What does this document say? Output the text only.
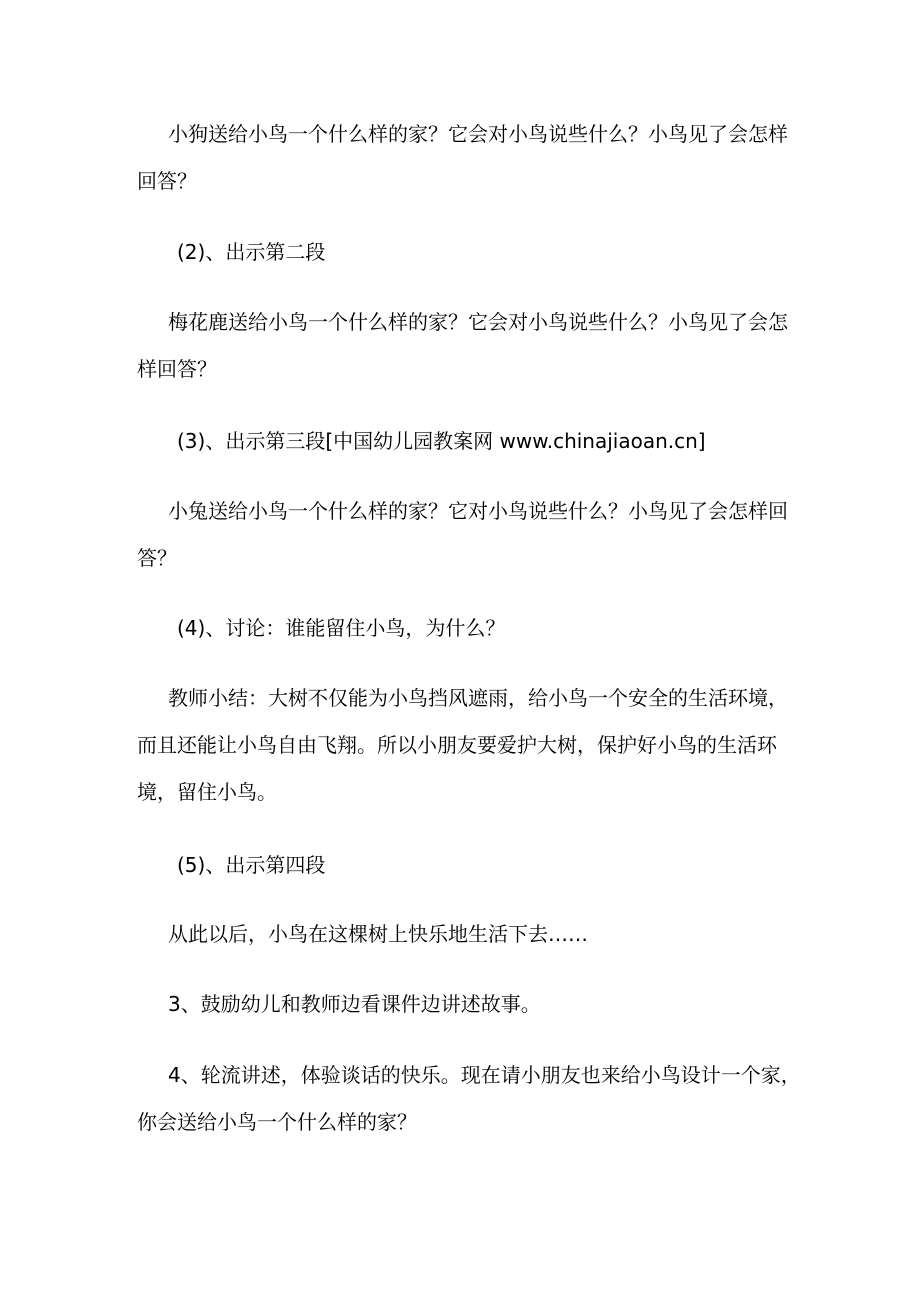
小狗送给小鸟一个什么样的家？它会对小鸟说些什么？小鸟见了会怎样回答？

(2)、出示第二段

梅花鹿送给小鸟一个什么样的家？它会对小鸟说些什么？小鸟见了会怎样回答？

(3)、出示第三段[中国幼儿园教案网 www.chinajiaoan.cn]

小兔送给小鸟一个什么样的家？它对小鸟说些什么？小鸟见了会怎样回答？

(4)、讨论：谁能留住小鸟，为什么？

教师小结：大树不仅能为小鸟挡风遮雨，给小鸟一个安全的生活环境，而且还能让小鸟自由飞翔。所以小朋友要爱护大树，保护好小鸟的生活环境，留住小鸟。

(5)、出示第四段

从此以后，小鸟在这棵树上快乐地生活下去……

3、鼓励幼儿和教师边看课件边讲述故事。

4、轮流讲述，体验谈话的快乐。现在请小朋友也来给小鸟设计一个家，你会送给小鸟一个什么样的家？
